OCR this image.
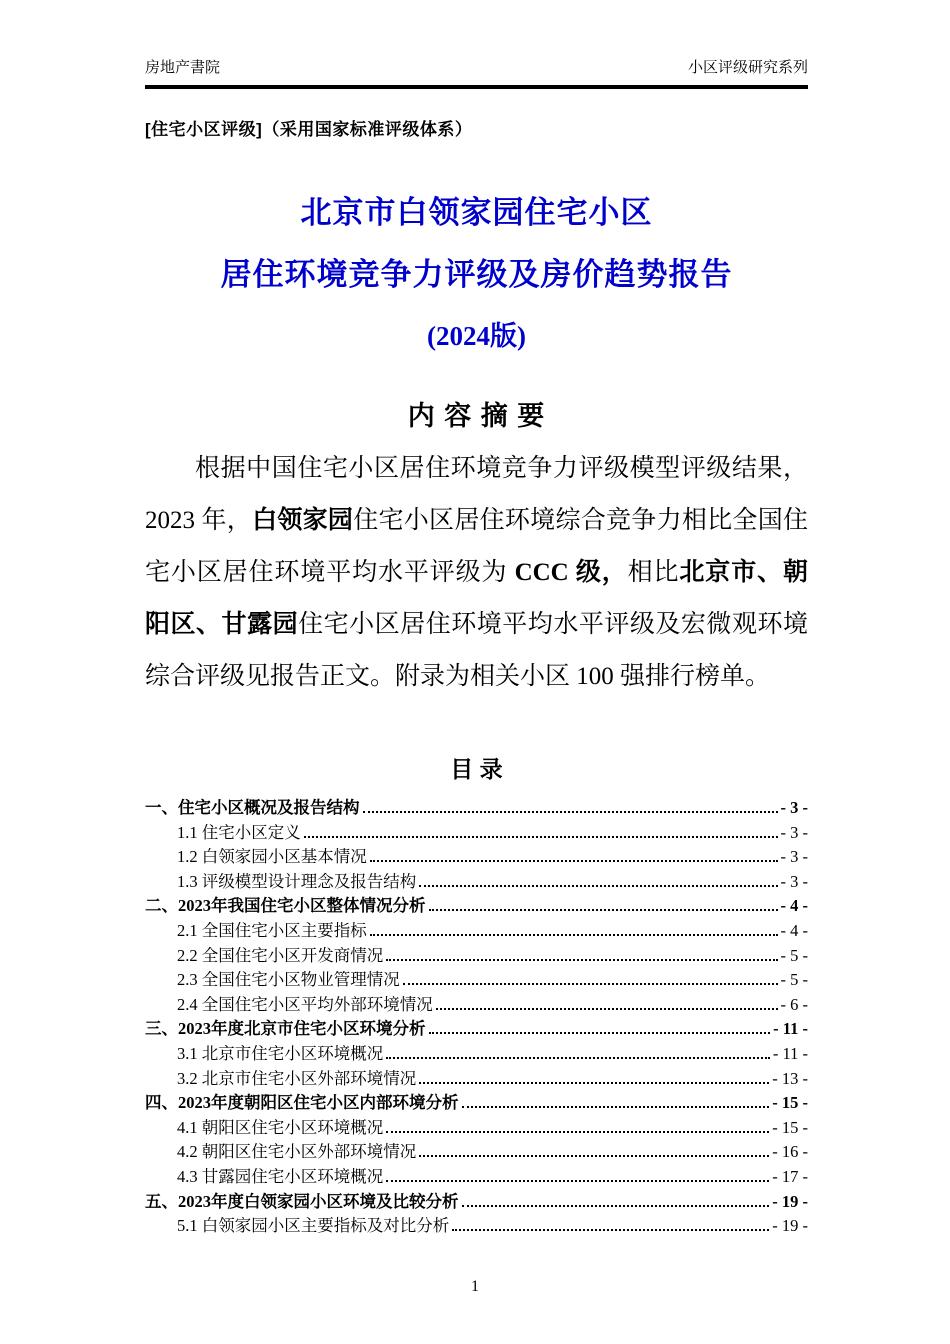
房地产書院	小区评级研究系列
[住宅小区评级]（采用国家标准评级体系）
北京市白领家园住宅小区
居住环境竞争力评级及房价趋势报告
(2024版)
内 容 摘 要

根据中国住宅小区居住环境竞争力评级模型评级结果，2023 年，白领家园住宅小区居住环境综合竞争力相比全国住宅小区居住环境平均水平评级为 CCC 级，相比北京市、朝阳区、甘露园住宅小区居住环境平均水平评级及宏微观环境综合评级见报告正文。附录为相关小区 100 强排行榜单。

目 录
一、住宅小区概况及报告结构	- 3 -
1.1 住宅小区定义	- 3 -
1.2 白领家园小区基本情况	- 3 -
1.3 评级模型设计理念及报告结构	- 3 -
二、2023年我国住宅小区整体情况分析	- 4 -
2.1 全国住宅小区主要指标	- 4 -
2.2 全国住宅小区开发商情况	- 5 -
2.3 全国住宅小区物业管理情况	- 5 -
2.4 全国住宅小区平均外部环境情况	- 6 -
三、2023年度北京市住宅小区环境分析	- 11 -
3.1 北京市住宅小区环境概况	- 11 -
3.2 北京市住宅小区外部环境情况	- 13 -
四、2023年度朝阳区住宅小区内部环境分析	- 15 -
4.1 朝阳区住宅小区环境概况	- 15 -
4.2 朝阳区住宅小区外部环境情况	- 16 -
4.3 甘露园住宅小区环境概况	- 17 -
五、2023年度白领家园小区环境及比较分析	- 19 -
5.1 白领家园小区主要指标及对比分析	- 19 -
1
